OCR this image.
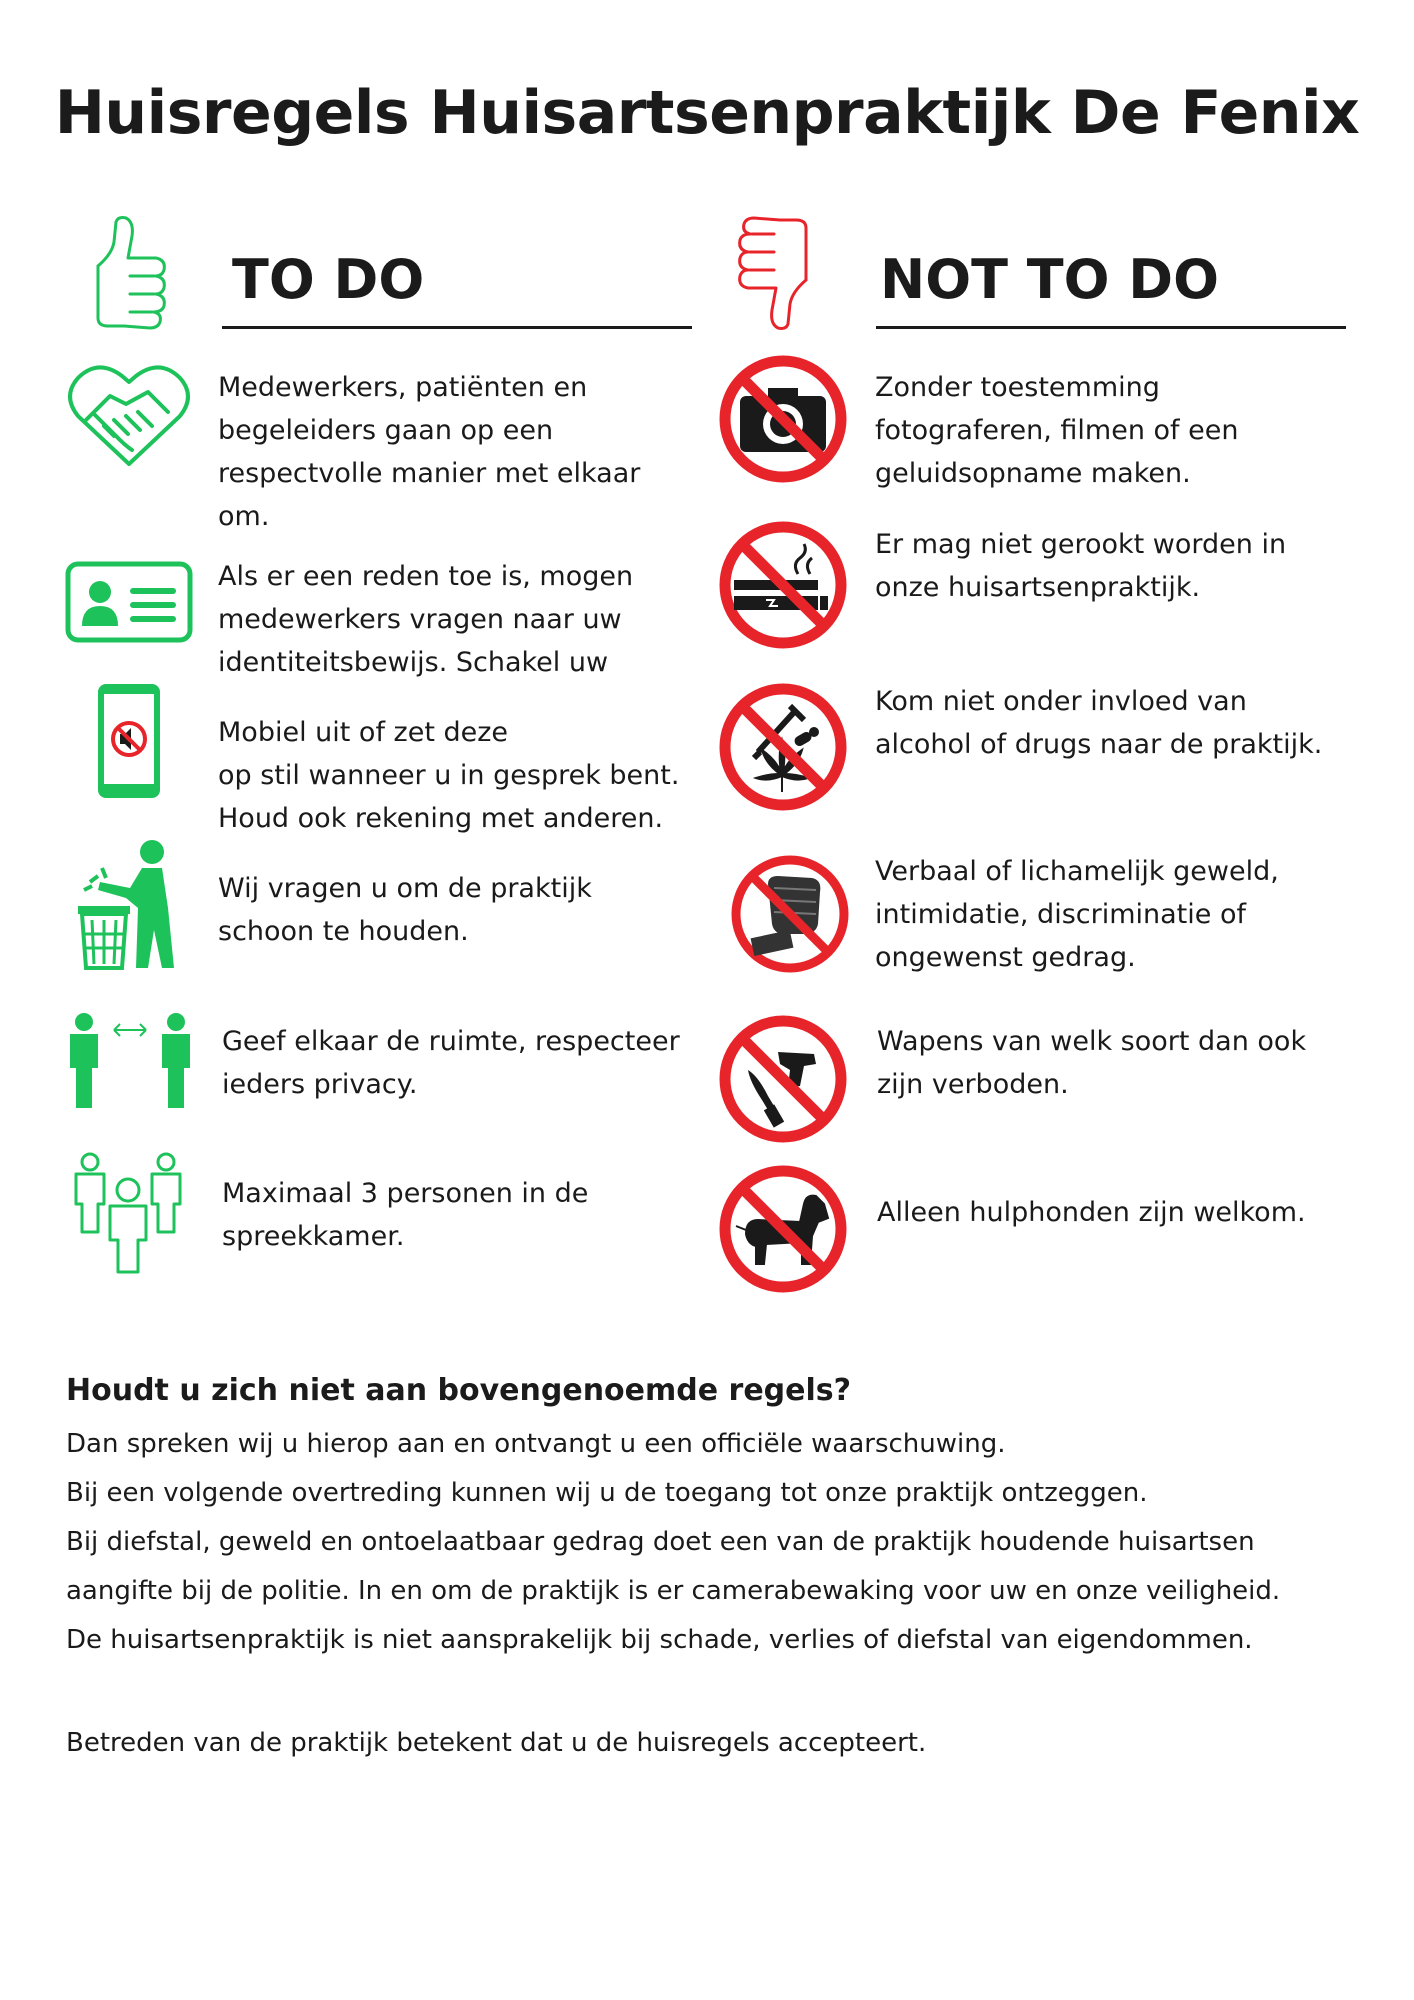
Huisregels Huisartsenpraktijk De Fenix
TO DO	NOT TO DO
Medewerkers, patiënten en
begeleiders gaan op een
respectvolle manier met elkaar
om.
Als er een reden toe is, mogen
medewerkers vragen naar uw
identiteitsbewijs. Schakel uw
Mobiel uit of zet deze
op stil wanneer u in gesprek bent.
Houd ook rekening met anderen.
Wij vragen u om de praktijk
schoon te houden.
Geef elkaar de ruimte, respecteer
ieders privacy.
Maximaal 3 personen in de
spreekkamer.
Zonder toestemming
fotograferen, filmen of een
geluidsopname maken.
Er mag niet gerookt worden in
onze huisartsenpraktijk.
Kom niet onder invloed van
alcohol of drugs naar de praktijk.
Verbaal of lichamelijk geweld,
intimidatie, discriminatie of
ongewenst gedrag.
Wapens van welk soort dan ook
zijn verboden.
Alleen hulphonden zijn welkom.
Houdt u zich niet aan bovengenoemde regels?
Dan spreken wij u hierop aan en ontvangt u een officiële waarschuwing.
Bij een volgende overtreding kunnen wij u de toegang tot onze praktijk ontzeggen.
Bij diefstal, geweld en ontoelaatbaar gedrag doet een van de praktijk houdende huisartsen
aangifte bij de politie. In en om de praktijk is er camerabewaking voor uw en onze veiligheid.
De huisartsenpraktijk is niet aansprakelijk bij schade, verlies of diefstal van eigendommen.
Betreden van de praktijk betekent dat u de huisregels accepteert.
